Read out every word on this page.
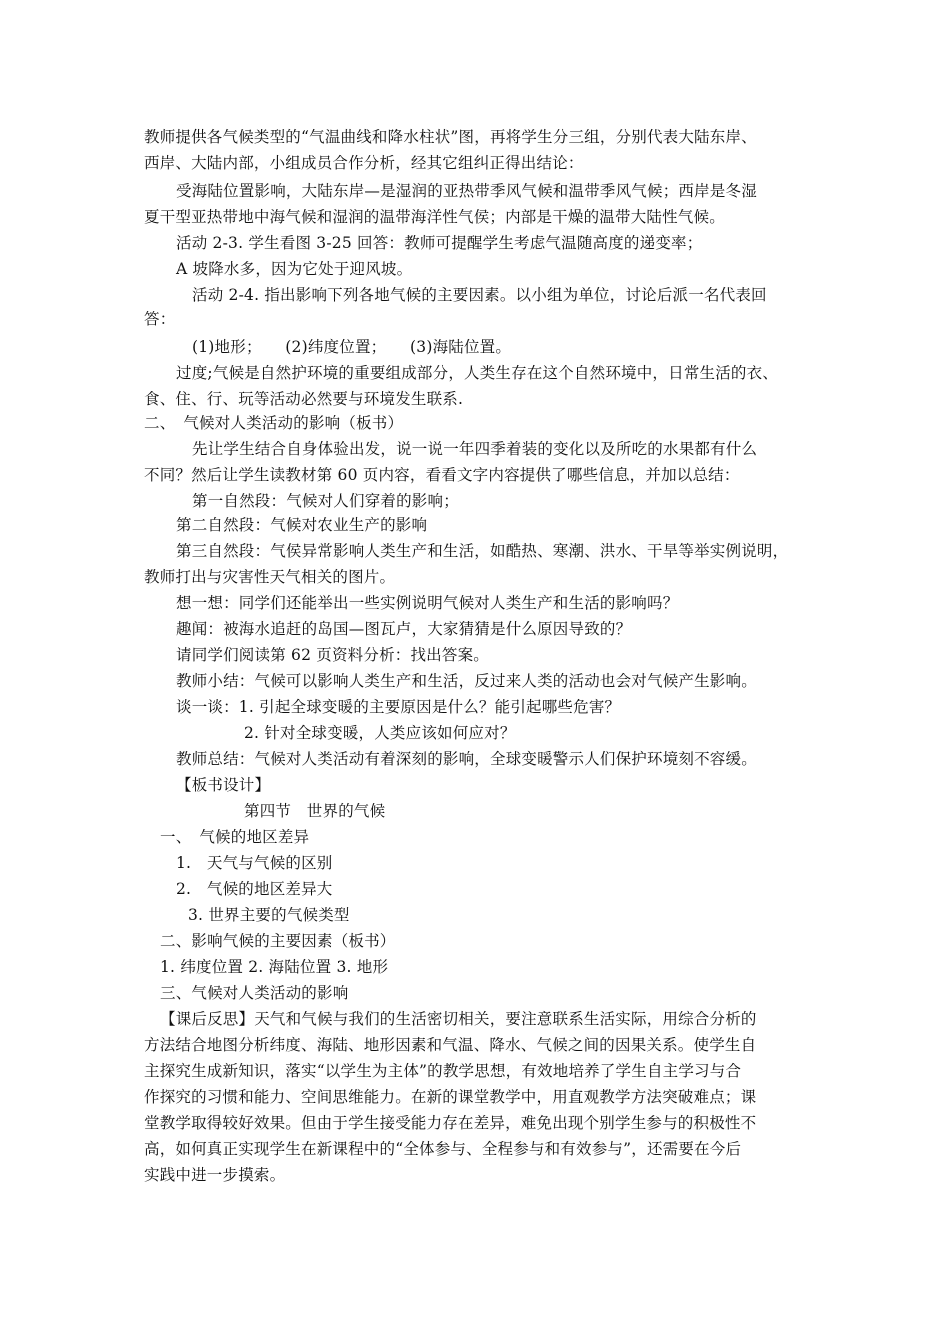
教师提供各气候类型的“气温曲线和降水柱状”图，再将学生分三组，分别代表大陆东岸、
西岸、大陆内部，小组成员合作分析，经其它组纠正得出结论：
受海陆位置影响，大陆东岸—是湿润的亚热带季风气候和温带季风气候；西岸是冬湿
夏干型亚热带地中海气候和湿润的温带海洋性气侯；内部是干燥的温带大陆性气候。
活动 2-3. 学生看图 3-25 回答：教师可提醒学生考虑气温随高度的递变率；
A 坡降水多，因为它处于迎风坡。
活动 2-4. 指出影响下列各地气候的主要因素。以小组为单位，讨论后派一名代表回
答：
(1)地形；　　(2)纬度位置；　　(3)海陆位置。
过度;气候是自然护环境的重要组成部分，人类生存在这个自然环境中，日常生活的衣、
食、住、行、玩等活动必然要与环境发生联系.
二、　气候对人类活动的影响（板书）
先让学生结合自身体验出发，说一说一年四季着装的变化以及所吃的水果都有什么
不同？然后让学生读教材第 60 页内容，看看文字内容提供了哪些信息，并加以总结：
第一自然段：气候对人们穿着的影响；
第二自然段：气候对农业生产的影响
第三自然段：气侯异常影响人类生产和生活，如酷热、寒潮、洪水、干旱等举实例说明，
教师打出与灾害性天气相关的图片。
想一想：同学们还能举出一些实例说明气候对人类生产和生活的影响吗？
趣闻：被海水追赶的岛国—图瓦卢，大家猜猜是什么原因导致的？
请同学们阅读第 62 页资料分析：找出答案。
教师小结：气候可以影响人类生产和生活，反过来人类的活动也会对气候产生影响。
谈一谈：1. 引起全球变暖的主要原因是什么？能引起哪些危害？
2. 针对全球变暖，人类应该如何应对？
教师总结：气候对人类活动有着深刻的影响，全球变暖警示人们保护环境刻不容缓。
【板书设计】
第四节　世界的气候
一、　气候的地区差异
1.　天气与气候的区别
2.　气候的地区差异大
3. 世界主要的气候类型
二、影响气候的主要因素（板书）
1. 纬度位置 2. 海陆位置 3. 地形
三、气候对人类活动的影响
【课后反思】天气和气候与我们的生活密切相关，要注意联系生活实际，用综合分析的
方法结合地图分析纬度、海陆、地形因素和气温、降水、气候之间的因果关系。使学生自
主探究生成新知识，落实“以学生为主体”的教学思想，有效地培养了学生自主学习与合
作探究的习惯和能力、空间思维能力。在新的课堂教学中，用直观教学方法突破难点；课
堂教学取得较好效果。但由于学生接受能力存在差异，难免出现个别学生参与的积极性不
高，如何真正实现学生在新课程中的“全体参与、全程参与和有效参与”，还需要在今后
实践中进一步摸索。
